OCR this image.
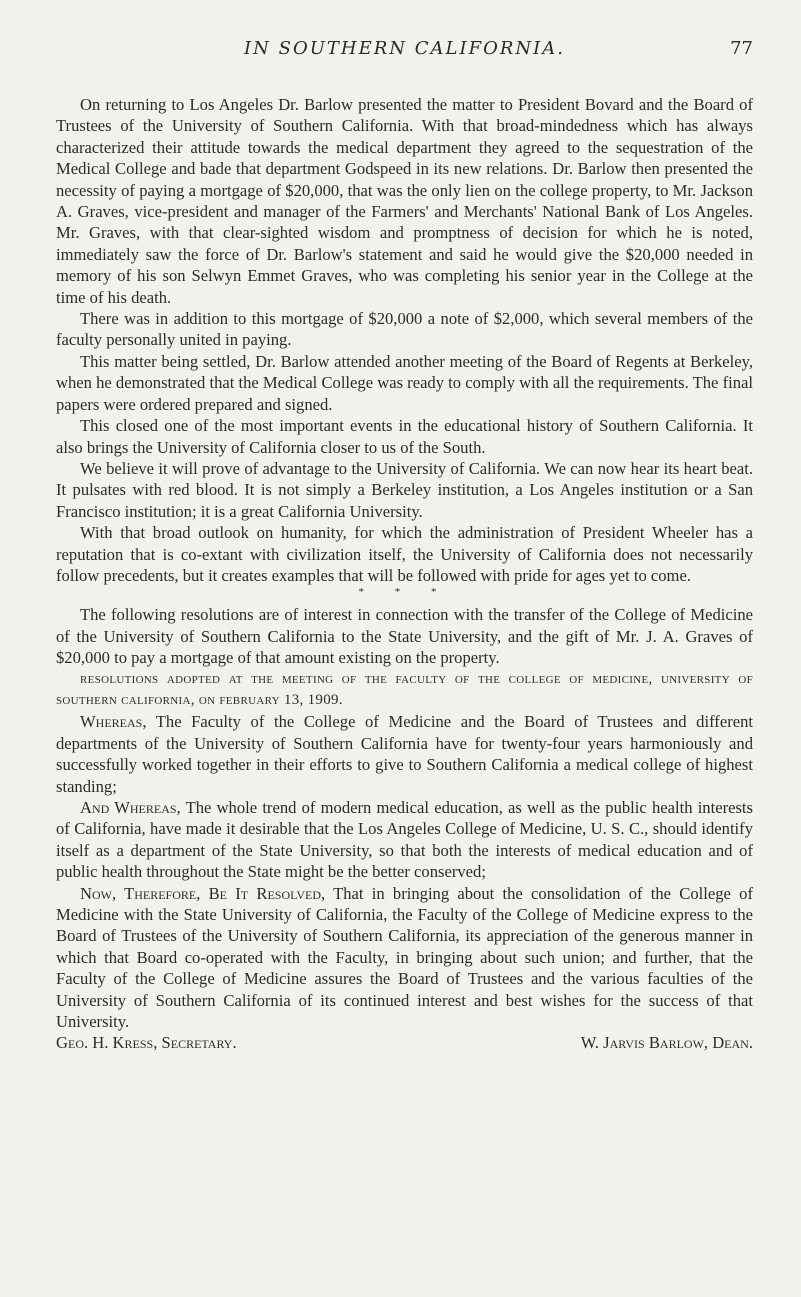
IN SOUTHERN CALIFORNIA.	77

On returning to Los Angeles Dr. Barlow presented the matter to President Bovard and the Board of Trustees of the University of Southern California. With that broad-mindedness which has always characterized their attitude towards the medical department they agreed to the sequestration of the Medical College and bade that department Godspeed in its new relations. Dr. Barlow then presented the necessity of paying a mortgage of $20,000, that was the only lien on the college property, to Mr. Jackson A. Graves, vice-president and manager of the Farmers' and Merchants' National Bank of Los Angeles. Mr. Graves, with that clear-sighted wisdom and promptness of decision for which he is noted, immediately saw the force of Dr. Barlow's statement and said he would give the $20,000 needed in memory of his son Selwyn Emmet Graves, who was completing his senior year in the College at the time of his death.

There was in addition to this mortgage of $20,000 a note of $2,000, which several members of the faculty personally united in paying.

This matter being settled, Dr. Barlow attended another meeting of the Board of Regents at Berkeley, when he demonstrated that the Medical College was ready to comply with all the requirements. The final papers were ordered prepared and signed.

This closed one of the most important events in the educational history of Southern California. It also brings the University of California closer to us of the South.

We believe it will prove of advantage to the University of California. We can now hear its heart beat. It pulsates with red blood. It is not simply a Berkeley institution, a Los Angeles institution or a San Francisco institution; it is a great California University.

With that broad outlook on humanity, for which the administration of President Wheeler has a reputation that is co-extant with civilization itself, the University of California does not necessarily follow precedents, but it creates examples that will be followed with pride for ages yet to come.

* * *

The following resolutions are of interest in connection with the transfer of the College of Medicine of the University of Southern California to the State University, and the gift of Mr. J. A. Graves of $20,000 to pay a mortgage of that amount existing on the property.

resolutions adopted at the meeting of the faculty of the college of medicine, university of southern california, on february 13, 1909.

Whereas, The Faculty of the College of Medicine and the Board of Trustees and different departments of the University of Southern California have for twenty-four years harmoniously and successfully worked together in their efforts to give to Southern California a medical college of highest standing;

And Whereas, The whole trend of modern medical education, as well as the public health interests of California, have made it desirable that the Los Angeles College of Medicine, U. S. C., should identify itself as a department of the State University, so that both the interests of medical education and of public health throughout the State might be the better conserved;

Now, Therefore, Be It Resolved, That in bringing about the consolidation of the College of Medicine with the State University of California, the Faculty of the College of Medicine express to the Board of Trustees of the University of Southern California, its appreciation of the generous manner in which that Board co-operated with the Faculty, in bringing about such union; and further, that the Faculty of the College of Medicine assures the Board of Trustees and the various faculties of the University of Southern California of its continued interest and best wishes for the success of that University.

Geo. H. Kress, Secretary.	W. Jarvis Barlow, Dean.
